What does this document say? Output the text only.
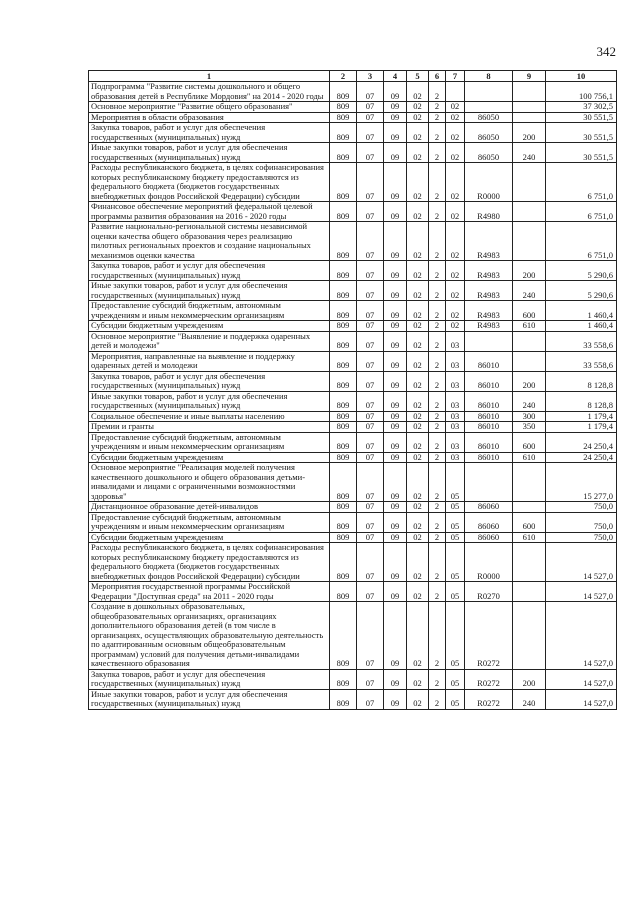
342
1	2	3	4	5	6	7	8	9	10
Подпрограмма "Развитие системы дошкольного и общего образования детей в Республике Мордовия" на 2014 - 2020 годы	809	07	09	02	2				100 756,1
Основное мероприятие "Развитие общего образования"	809	07	09	02	2	02			37 302,5
Мероприятия в области образования	809	07	09	02	2	02	86050		30 551,5
Закупка товаров, работ и услуг для обеспечения государственных (муниципальных) нужд	809	07	09	02	2	02	86050	200	30 551,5
Иные закупки товаров, работ и услуг для обеспечения государственных (муниципальных) нужд	809	07	09	02	2	02	86050	240	30 551,5
Расходы республиканского бюджета, в целях софинансирования которых республиканскому бюджету предоставляются из федерального бюджета (бюджетов государственных внебюджетных фондов Российской Федерации) субсидии	809	07	09	02	2	02	R0000		6 751,0
Финансовое обеспечение мероприятий федеральной целевой программы развития образования на 2016 - 2020 годы	809	07	09	02	2	02	R4980		6 751,0
Развитие национально-региональной системы независимой оценки качества общего образования через реализацию пилотных региональных проектов и создание национальных механизмов оценки качества	809	07	09	02	2	02	R4983		6 751,0
Закупка товаров, работ и услуг для обеспечения государственных (муниципальных) нужд	809	07	09	02	2	02	R4983	200	5 290,6
Иные закупки товаров, работ и услуг для обеспечения государственных (муниципальных) нужд	809	07	09	02	2	02	R4983	240	5 290,6
Предоставление субсидий бюджетным, автономным учреждениям и иным некоммерческим организациям	809	07	09	02	2	02	R4983	600	1 460,4
Субсидии бюджетным учреждениям	809	07	09	02	2	02	R4983	610	1 460,4
Основное мероприятие "Выявление и поддержка одаренных детей и молодежи"	809	07	09	02	2	03			33 558,6
Мероприятия, направленные на выявление и поддержку одаренных детей и молодежи	809	07	09	02	2	03	86010		33 558,6
Закупка товаров, работ и услуг для обеспечения государственных (муниципальных) нужд	809	07	09	02	2	03	86010	200	8 128,8
Иные закупки товаров, работ и услуг для обеспечения государственных (муниципальных) нужд	809	07	09	02	2	03	86010	240	8 128,8
Социальное обеспечение и иные выплаты населению	809	07	09	02	2	03	86010	300	1 179,4
Премии и гранты	809	07	09	02	2	03	86010	350	1 179,4
Предоставление субсидий бюджетным, автономным учреждениям и иным некоммерческим организациям	809	07	09	02	2	03	86010	600	24 250,4
Субсидии бюджетным учреждениям	809	07	09	02	2	03	86010	610	24 250,4
Основное мероприятие "Реализация моделей получения качественного дошкольного и общего образования детьми-инвалидами и лицами с ограниченными возможностями здоровья"	809	07	09	02	2	05			15 277,0
Дистанционное образование детей-инвалидов	809	07	09	02	2	05	86060		750,0
Предоставление субсидий бюджетным, автономным учреждениям и иным некоммерческим организациям	809	07	09	02	2	05	86060	600	750,0
Субсидии бюджетным учреждениям	809	07	09	02	2	05	86060	610	750,0
Расходы республиканского бюджета, в целях софинансирования которых республиканскому бюджету предоставляются из федерального бюджета (бюджетов государственных внебюджетных фондов Российской Федерации) субсидии	809	07	09	02	2	05	R0000		14 527,0
Мероприятия государственной программы Российской Федерации "Доступная среда" на 2011 - 2020 годы	809	07	09	02	2	05	R0270		14 527,0
Создание в дошкольных образовательных, общеобразовательных организациях, организациях дополнительного образования детей (в том числе в организациях, осуществляющих образовательную деятельность по адаптированным основным общеобразовательным программам) условий для получения детьми-инвалидами качественного образования	809	07	09	02	2	05	R0272		14 527,0
Закупка товаров, работ и услуг для обеспечения государственных (муниципальных) нужд	809	07	09	02	2	05	R0272	200	14 527,0
Иные закупки товаров, работ и услуг для обеспечения государственных (муниципальных) нужд	809	07	09	02	2	05	R0272	240	14 527,0
